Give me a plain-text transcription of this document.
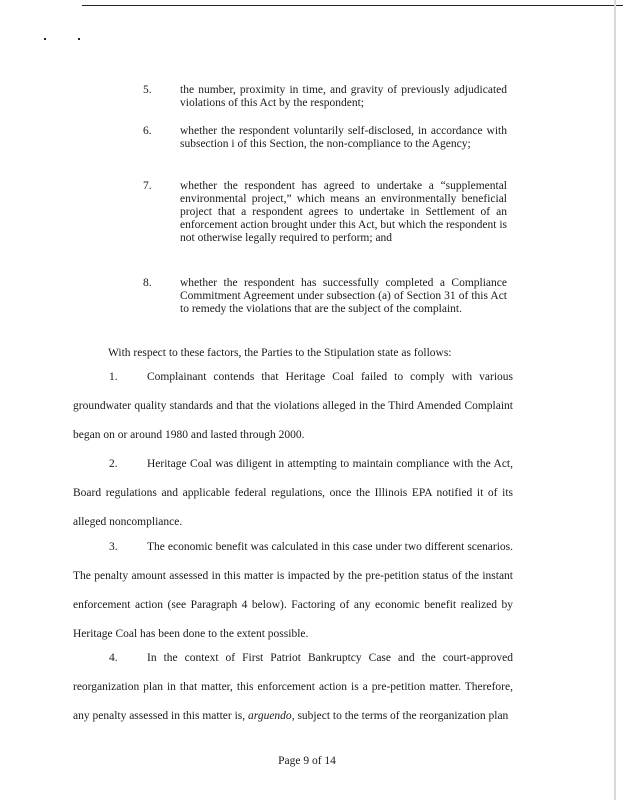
5.	the number, proximity in time, and gravity of previously adjudicated violations of this Act by the respondent;
6.	whether the respondent voluntarily self-disclosed, in accordance with subsection i of this Section, the non-compliance to the Agency;
7.	whether the respondent has agreed to undertake a “supplemental environmental project,” which means an environmentally beneficial project that a respondent agrees to undertake in Settlement of an enforcement action brought under this Act, but which the respondent is not otherwise legally required to perform; and
8.	whether the respondent has successfully completed a Compliance Commitment Agreement under subsection (a) of Section 31 of this Act to remedy the violations that are the subject of the complaint.
With respect to these factors, the Parties to the Stipulation state as follows:
1.	Complainant contends that Heritage Coal failed to comply with various groundwater quality standards and that the violations alleged in the Third Amended Complaint began on or around 1980 and lasted through 2000.
2.	Heritage Coal was diligent in attempting to maintain compliance with the Act, Board regulations and applicable federal regulations, once the Illinois EPA notified it of its alleged noncompliance.
3.	The economic benefit was calculated in this case under two different scenarios. The penalty amount assessed in this matter is impacted by the pre-petition status of the instant enforcement action (see Paragraph 4 below). Factoring of any economic benefit realized by Heritage Coal has been done to the extent possible.
4.	In the context of First Patriot Bankruptcy Case and the court-approved reorganization plan in that matter, this enforcement action is a pre-petition matter. Therefore, any penalty assessed in this matter is, arguendo, subject to the terms of the reorganization plan
Page 9 of 14
